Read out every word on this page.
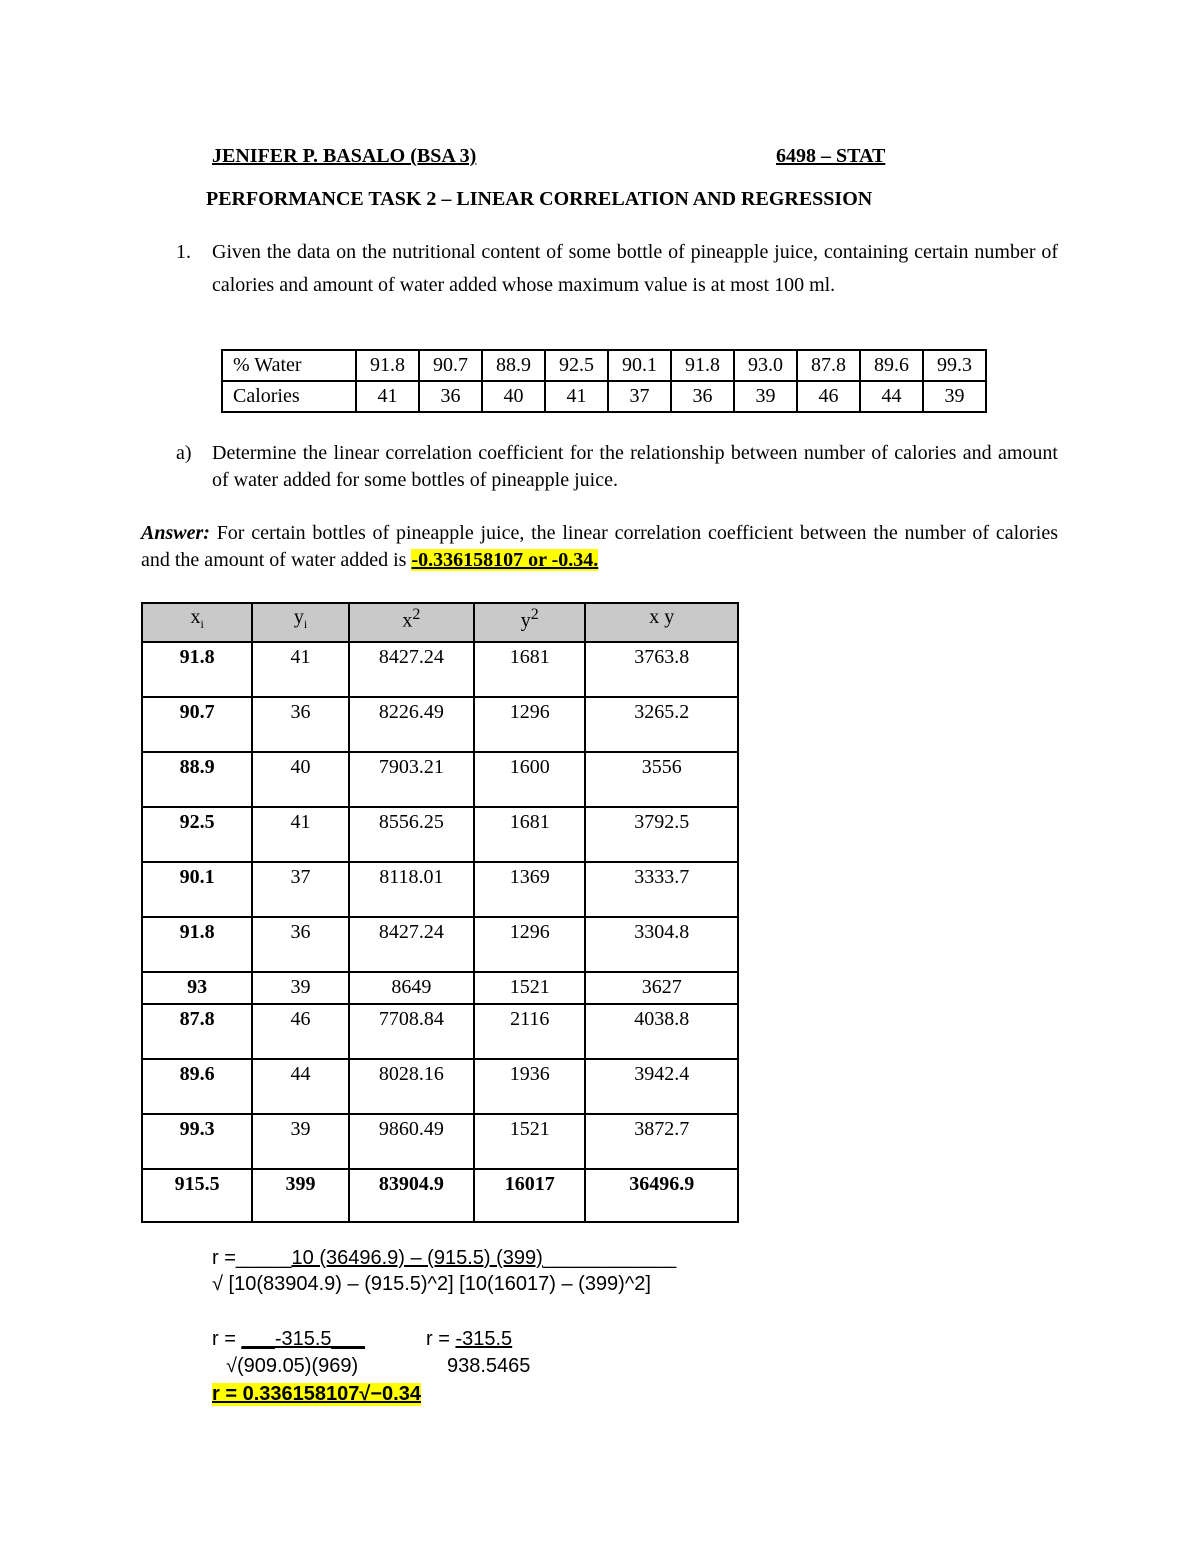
JENIFER P. BASALO (BSA 3)	6498 – STAT
PERFORMANCE TASK 2 – LINEAR CORRELATION AND REGRESSION
1. Given the data on the nutritional content of some bottle of pineapple juice, containing certain number of calories and amount of water added whose maximum value is at most 100 ml.
% Water	91.8	90.7	88.9	92.5	90.1	91.8	93.0	87.8	89.6	99.3
Calories	41	36	40	41	37	36	39	46	44	39
a) Determine the linear correlation coefficient for the relationship between number of calories and amount of water added for some bottles of pineapple juice.
Answer: For certain bottles of pineapple juice, the linear correlation coefficient between the number of calories and the amount of water added is -0.336158107 or -0.34.
$x_i$	$y_i$	$x^2$	$y^2$	x y
91.8	41	8427.24	1681	3763.8
90.7	36	8226.49	1296	3265.2
88.9	40	7903.21	1600	3556
92.5	41	8556.25	1681	3792.5
90.1	37	8118.01	1369	3333.7
91.8	36	8427.24	1296	3304.8
93	39	8649	1521	3627
87.8	46	7708.84	2116	4038.8
89.6	44	8028.16	1936	3942.4
99.3	39	9860.49	1521	3872.7
915.5	399	83904.9	16017	36496.9
r =_____10 (36496.9) – (915.5) (399)____________
√ [10(83904.9) – (915.5)^2] [10(16017) – (399)^2]
r = ___-315.5___	r = -315.5
√(909.05)(969)	938.5465
r = 0.336158107√−0.34
